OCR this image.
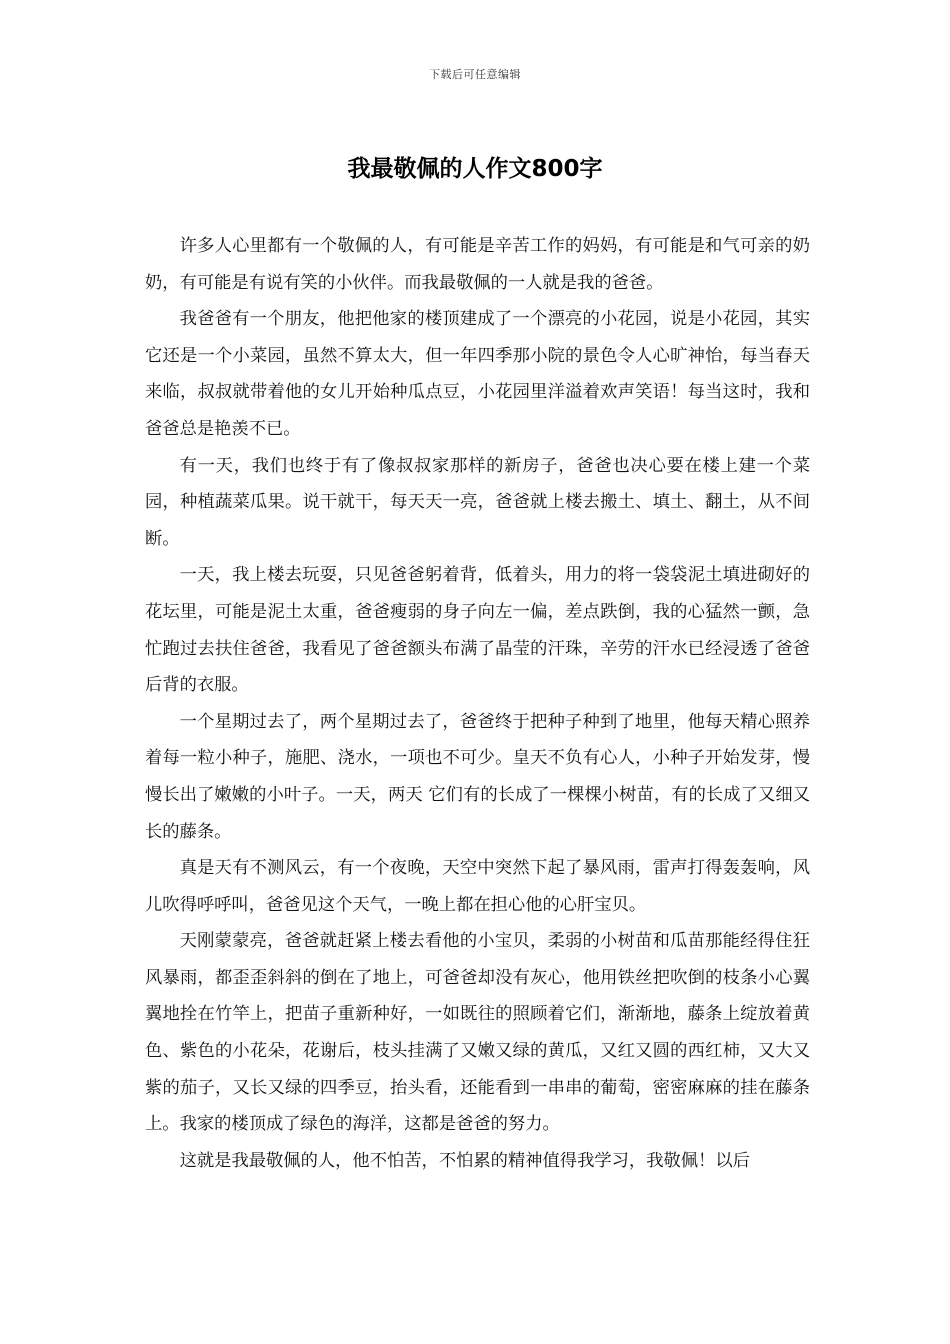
下载后可任意编辑
我最敬佩的人作文800字

许多人心里都有一个敬佩的人，有可能是辛苦工作的妈妈，有可能是和气可亲的奶奶，有可能是有说有笑的小伙伴。而我最敬佩的一人就是我的爸爸。

我爸爸有一个朋友，他把他家的楼顶建成了一个漂亮的小花园，说是小花园，其实它还是一个小菜园，虽然不算太大，但一年四季那小院的景色令人心旷神怡，每当春天来临，叔叔就带着他的女儿开始种瓜点豆，小花园里洋溢着欢声笑语！每当这时，我和爸爸总是艳羡不已。

有一天，我们也终于有了像叔叔家那样的新房子，爸爸也决心要在楼上建一个菜园，种植蔬菜瓜果。说干就干，每天天一亮，爸爸就上楼去搬土、填土、翻土，从不间断。

一天，我上楼去玩耍，只见爸爸躬着背，低着头，用力的将一袋袋泥土填进砌好的花坛里，可能是泥土太重，爸爸瘦弱的身子向左一偏，差点跌倒，我的心猛然一颤，急忙跑过去扶住爸爸，我看见了爸爸额头布满了晶莹的汗珠，辛劳的汗水已经浸透了爸爸后背的衣服。

一个星期过去了，两个星期过去了，爸爸终于把种子种到了地里，他每天精心照养着每一粒小种子，施肥、浇水，一项也不可少。皇天不负有心人，小种子开始发芽，慢慢长出了嫩嫩的小叶子。一天，两天 它们有的长成了一棵棵小树苗，有的长成了又细又长的藤条。

真是天有不测风云，有一个夜晚，天空中突然下起了暴风雨，雷声打得轰轰响，风儿吹得呼呼叫，爸爸见这个天气，一晚上都在担心他的心肝宝贝。

天刚蒙蒙亮，爸爸就赶紧上楼去看他的小宝贝，柔弱的小树苗和瓜苗那能经得住狂风暴雨，都歪歪斜斜的倒在了地上，可爸爸却没有灰心，他用铁丝把吹倒的枝条小心翼翼地拴在竹竿上，把苗子重新种好，一如既往的照顾着它们，渐渐地，藤条上绽放着黄色、紫色的小花朵，花谢后，枝头挂满了又嫩又绿的黄瓜，又红又圆的西红柿，又大又紫的茄子，又长又绿的四季豆，抬头看，还能看到一串串的葡萄，密密麻麻的挂在藤条上。我家的楼顶成了绿色的海洋，这都是爸爸的努力。

这就是我最敬佩的人，他不怕苦，不怕累的精神值得我学习，我敬佩！以后
